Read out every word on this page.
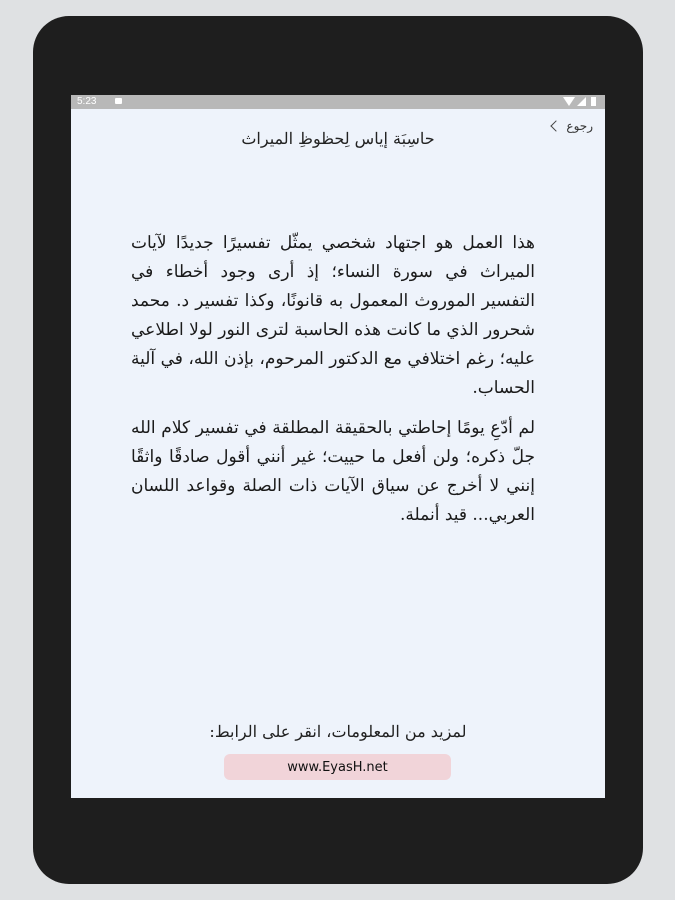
5:23
رجوع
حاسِبَة إياس لِحظوظِ الميراث

هذا العمل هو اجتهاد شخصي يمثّل تفسيرًا جديدًا لآيات الميراث في سورة النساء؛ إذ أرى وجود أخطاء في التفسير الموروث المعمول به قانونًا، وكذا تفسير د. محمد شحرور الذي ما كانت هذه الحاسبة لترى النور لولا اطلاعي عليه؛ رغم اختلافي مع الدكتور المرحوم، بإذن الله، في آلية الحساب.

لم أدّعِ يومًا إحاطتي بالحقيقة المطلقة في تفسير كلام الله جلّ ذكره؛ ولن أفعل ما حييت؛ غير أنني أقول صادقًا واثقًا إنني لا أخرج عن سياق الآيات ذات الصلة وقواعد اللسان العربي... قيد أنملة.

لمزيد من المعلومات، انقر على الرابط:
www.EyasH.net
